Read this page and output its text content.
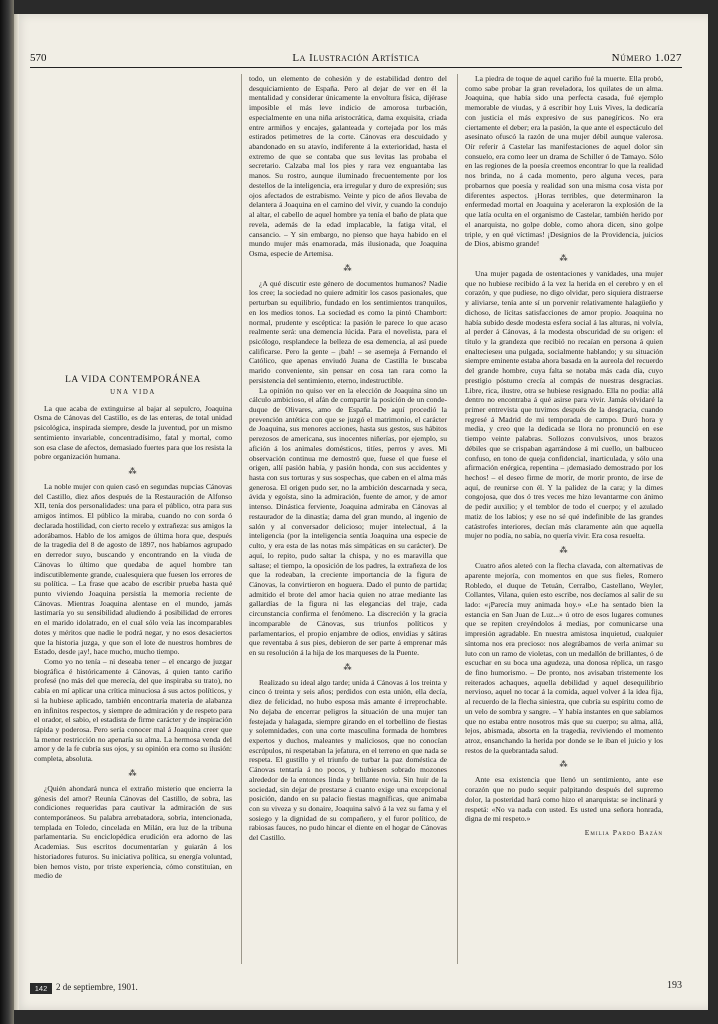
570	La Ilustración Artística	Número 1.027
LA VIDA CONTEMPORÁNEA
UNA VIDA

La que acaba de extinguirse al bajar al sepulcro, Joaquina Osma de Cánovas del Castillo, es de las enteras, de total unidad psicológica, inspirada siempre, desde la juventud, por un mismo sentimiento invariable, concentradísimo, fatal y mortal, como son esa clase de afectos, demasiado fuertes para que los resista la pobre organización humana.

⁂

La noble mujer con quien casó en segundas nupcias Cánovas del Castillo, diez años después de la Restauración de Alfonso XII, tenía dos personalidades: una para el público, otra para sus amigos íntimos. El público la miraba, cuando no con sorda ó declarada hostilidad, con cierto recelo y extrañeza: sus amigos la adorábamos. Hablo de los amigos de última hora que, después de la tragedia del 8 de agosto de 1897, nos habíamos agrupado en derredor suyo, buscando y encontrando en la viuda de Cánovas lo último que quedaba de aquel hombre tan indiscutiblemente grande, cualesquiera que fuesen los errores de su política. – La frase que acabo de escribir prueba hasta qué punto viviendo Joaquina persistía la memoria reciente de Cánovas. Mientras Joaquina alentase en el mundo, jamás lastimaría yo su sensibilidad aludiendo á posibilidad de errores en el marido idolatrado, en el cual sólo veía las incomparables dotes y méritos que nadie le podrá negar, y no esos desaciertos que la historia juzga, y que son el lote de nuestros hombres de Estado, desde ¡ay!, hace mucho, mucho tiempo.

Como yo no tenía – ni deseaba tener – el encargo de juzgar biográfica é históricamente á Cánovas, á quien tanto cariño profesé (no más del que merecía, del que inspiraba su trato), no cabía en mí aplicar una crítica minuciosa á sus actos políticos, y si la hubiese aplicado, también encontraría materia de alabanza en infinitos respectos, y siempre de admiración y de respeto para el orador, el sabio, el estadista de firme carácter y de inspiración rápida y poderosa. Pero sería conocer mal á Joaquina creer que la menor restricción no apenaría su alma. La hermosa venda del amor y de la fe cubría sus ojos, y su opinión era como su ilusión: completa, absoluta.

⁂

¿Quién ahondará nunca el extraño misterio que encierra la génesis del amor? Reunía Cánovas del Castillo, de sobra, las condiciones requeridas para cautivar la admiración de sus contemporáneos. Su palabra arrebatadora, sobria, intencionada, templada en Toledo, cincelada en Milán, era luz de la tribuna parlamentaria. Su enciclopédica erudición era adorno de las Academias. Sus escritos documentarían y guiarán á los historiadores futuros. Su iniciativa política, su energía voluntad, bien hemos visto, por triste experiencia, cómo constituían, en medio de

todo, un elemento de cohesión y de estabilidad dentro del desquiciamiento de España. Pero al dejar de ver en él la mentalidad y considerar únicamente la envoltura física, díjérase imposible el más leve indicio de amorosa turbación, especialmente en una niña aristocrática, dama exquisita, criada entre armiños y encajes, galanteada y cortejada por los más estirados petimetres de la corte. Cánovas era descuidado y abandonado en su atavío, indiferente á la exterioridad, hasta el extremo de que se contaba que sus levitas las probaba el secretario. Calzaba mal los pies y rara vez enguantaba las manos. Su rostro, aunque iluminado frecuentemente por los destellos de la inteligencia, era irregular y duro de expresión; sus ojos afectados de estrabismo. Veinte y pico de años llevaba de delantera á Joaquina en el camino del vivir, y cuando la condujo al altar, el cabello de aquel hombre ya tenía el baño de plata que revela, además de la edad implacable, la fatiga vital, el cansancio. – Y sin embargo, no pienso que haya habido en el mundo mujer más enamorada, más ilusionada, que Joaquina Osma, especie de Artemisa.

⁂

¿A qué discutir este género de documentos humanos? Nadie los cree; la sociedad no quiere admitir los casos pasionales, que perturban su equilibrio, fundado en los sentimientos tranquilos, en los medios tonos. La sociedad es como la pintó Chambort: normal, prudente y escéptica: la pasión le parece lo que acaso realmente será: una demencia lúcida. Para el novelista, para el psicólogo, resplandece la belleza de esa demencia, al así puede calificarse. Pero la gente – ¡bah! – se asemeja á Fernando el Católico, que apenas enviudó Juana de Castilla le buscaba marido conveniente, sin pensar en cosa tan rara como la persistencia del sentimiento, eterno, indestructible.

La opinión no quiso ver en la elección de Joaquina sino un cálculo ambicioso, el afán de compartir la posición de un conde-duque de Olivares, amo de España. De aquí procedió la prevención antética con que se juzgó el matrimonio, el carácter de Joaquina, sus menores acciones, hasta sus gestos, sus hábitos perezosos de americana, sus inocentes niñerías, por ejemplo, su afición á los animales domésticos, titíes, perros y aves. Mi observación continua me demostró que, fuese el que fuese el origen, allí pasión había, y pasión honda, con sus accidentes y hasta con sus torturas y sus sospechas, que caben en el alma más generosa. El origen pudo ser, no la ambición descarnada y seca, ávida y egoísta, sino la admiración, fuente de amor, y de amor intenso. Dinástica ferviente, Joaquina admiraba en Cánovas al restaurador de la dinastía; dama del gran mundo, al ingenio de salón y al conversador delicioso; mujer intelectual, á la inteligencia (por la inteligencia sentía Joaquina una especie de culto, y era esta de las notas más simpáticas en su carácter). De aquí, lo repito, pudo saltar la chispa, y no es maravilla que saltase; el tiempo, la oposición de los padres, la extrañeza de los que la rodeaban, la creciente importancia de la figura de Cánovas, la convirtieron en hoguera. Dado el punto de partida; admitido el brote del amor hacia quien no atrae mediante las gallardías de la figura ni las elegancias del traje, cada circunstancia confirma el fenómeno. La discreción y la gracia incomparable de Cánovas, sus triunfos políticos y parlamentarios, el propio enjambre de odios, envidias y sátiras que reventaba á sus pies, debieron de ser parte á emprenar más en su resolución á la hija de los marqueses de la Puente.

⁂

Realizado su ideal algo tarde; unida á Cánovas á los treinta y cinco ó treinta y seis años; perdidos con esta unión, ella decía, diez de felicidad, no hubo esposa más amante é irreprochable. No dejaba de encerrar peligros la situación de una mujer tan festejada y halagada, siempre girando en el torbellino de fiestas y solemnidades, con una corte masculina formada de hombres expertos y duchos, maleantes y maliciosos, que no conocían escrúpulos, ni respetaban la jefatura, en el terreno en que nada se respeta. El gustillo y el triunfo de turbar la paz doméstica de Cánovas tentaría á no pocos, y hubiesen sobrado mozones alrededor de la entonces linda y brillante novia. Sin huir de la sociedad, sin dejar de prestarse á cuanto exige una excepcional posición, dando en su palacio fiestas magníficas, que animaba con su viveza y su donaire, Joaquina salvó á la vez su fama y el sosiego y la dignidad de su compañero, y el furor político, de rabiosas fauces, no pudo hincar el diente en el hogar de Cánovas del Castillo.

La piedra de toque de aquel cariño fué la muerte. Ella probó, como sabe probar la gran reveladora, los quilates de un alma. Joaquina, que había sido una perfecta casada, fué ejemplo memorable de viudas, y á escribir hoy Luis Vives, la dedicaría con justicia el más expresivo de sus panegíricos. No era ciertamente el deber; era la pasión, la que ante el espectáculo del asesinato ofuscó la razón de una mujer débil aunque valerosa. Oír referir á Castelar las manifestaciones de aquel dolor sin consuelo, era como leer un drama de Schiller ó de Tamayo. Sólo en las regiones de la poesía creemos encontrar lo que la realidad nos brinda, no á cada momento, pero alguna veces, para probarnos que poesía y realidad son una misma cosa vista por diferentes aspectos. ¡Horas terribles, que determinaron la enfermedad mortal en Joaquina y aceleraron la explosión de la que latía oculta en el organismo de Castelar, también herido por el anarquista, no golpe doble, como ahora dicen, sino golpe triple, y en qué víctimas! ¡Designios de la Providencia, juicios de Dios, abismo grande!

⁂

Una mujer pagada de ostentaciones y vanidades, una mujer que no hubiese recibido á la vez la herida en el cerebro y en el corazón, y que pudiese, no digo olvidar, pero siquiera distraerse y aliviarse, tenía ante sí un porvenir relativamente halagüeño y dichoso, de lícitas satisfacciones de amor propio. Joaquina no había subido desde modesta esfera social á las alturas, ni volvía, al perder á Cánovas, á la modesta obscuridad de su origen: el título y la grandeza que recibió no recaían en persona á quien enaltecieseн una pulgada, socialmente hablando; y su situación siempre eminente estaba ahora basada en la aureola del recuerdo del grande hombre, cuya falta se notaba más cada día, cuyo prestigio póstumo crecía al compás de nuestras desgracias. Libre, rica, ilustre, otra se hubiese resignado. Ella no podía: allá dentro no encontraba á qué asirse para vivir. Jamás olvidaré la primer entrevista que tuvimos después de la desgracia, cuando regresé á Madrid de mi temporada de campo. Duró hora y media, y creo que la dedicada se llora no pronunció en ese tiempo veinte palabras. Sollozos convulsivos, unos brazos débiles que se crispaban agarrándose á mi cuello, un balbuceo confuso, en tono de queja confidencial, inarticulada, y sólo una afirmación enérgica, repentina – ¡demasiado demostrado por los hechos! – el deseo firme de morir, de morir pronto, de irse de aquí, de reunirse con él. Y la palidez de la cara; y la dimes congojosa, que dos ó tres veces me hizo levantarme con ánimo de pedir auxilio; y el temblor de todo el cuerpo; y el azulado matiz de los labios; y ese no sé qué indefinible de las grandes catástrofes interiores, decían más claramente aún que aquella mujer no podía, no sabía, no quería vivir. Era cosa resuelta.

⁂

Cuatro años aleteó con la flecha clavada, con alternativas de aparente mejoría, con momentos en que sus fieles, Romero Robledo, el duque de Tetuán, Cerralbo, Castellano, Weyler, Collantes, Vilana, quien esto escribe, nos decíamos al salir de su lado: «¡Parecía muy animada hoy.» «Le ha sentado bien la estancia en San Juan de Luz...» ú otro de esos lugares comunes que se repiten creyéndolos á medias, por comunicarse una impresión agradable. En nuestra amistosa inquietud, cualquier síntoma nos era precioso: nos alegrábamos de verla animar su luto con un ramo de violetas, con un medallón de brillantes, ó de escuchar en su boca una agudeza, una donosa réplica, un rasgo de fino humorismo. – De pronto, nos avisaban tristemente los reiterados achaques, aquella debilidad y aquel desequilibrio nervioso, aquel no tocar á la comida, aquel volver á la idea fija, al recuerdo de la flecha siniestra, que cubría su espíritu como de un velo de sombra y sangre. – Y había instantes en que sabíamos que no estaba entre nosotros más que su cuerpo; su alma, allá, lejos, abismada, absorta en la tragedia, reviviendo el momento atroz, ensanchando la herida por donde se le iban el juicio y los restos de la quebrantada salud.

⁂

Ante esa existencia que llenó un sentimiento, ante ese corazón que no pudo sequir palpitando después del supremo dolor, la posteridad hará como hizo el anarquista: se inclinará y respetá: «No va nada con usted. Es usted una señora honrada, digna de mi respeto.»

Emilia Pardo Bazán
142 2 de septiembre, 1901.	193
